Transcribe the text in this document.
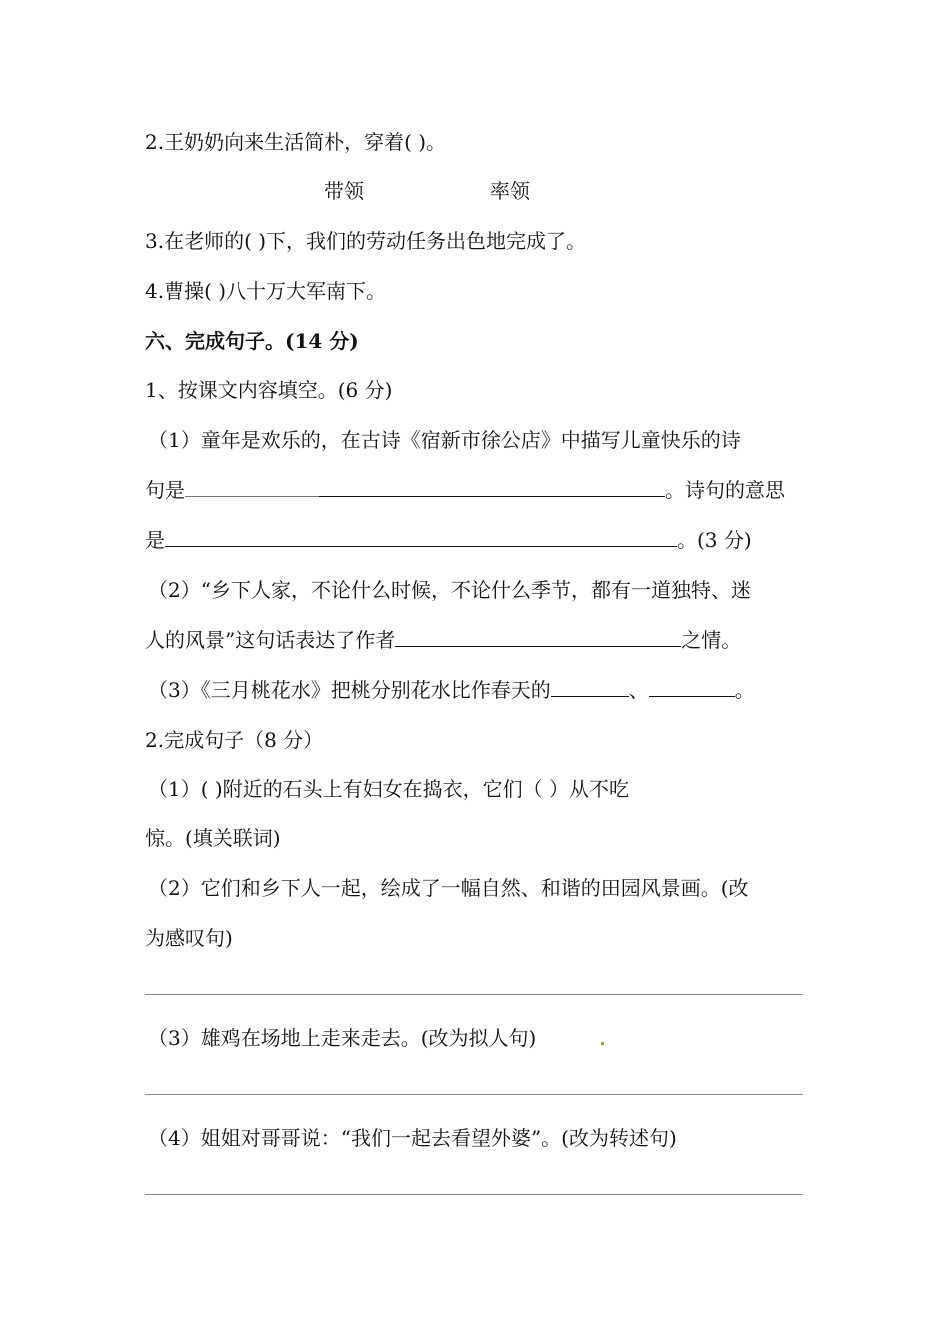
2.王奶奶向来生活简朴，穿着( )。
带领	率领
3.在老师的( )下，我们的劳动任务出色地完成了。
4.曹操( )八十万大军南下。
六、完成句子。(14 分)
1、按课文内容填空。(6 分)
（1）童年是欢乐的，在古诗《宿新市徐公店》中描写儿童快乐的诗
句是	。诗句的意思
是	。(3 分)
（2）“乡下人家，不论什么时候，不论什么季节，都有一道独特、迷
人的风景”这句话表达了作者	之情。
（3）《三月桃花水》把桃分别花水比作春天的	、	。
2.完成句子（8 分）
（1）( )附近的石头上有妇女在捣衣，它们（ ）从不吃
惊。(填关联词)
（2）它们和乡下人一起，绘成了一幅自然、和谐的田园风景画。(改
为感叹句)
（3）雄鸡在场地上走来走去。(改为拟人句)
（4）姐姐对哥哥说：“我们一起去看望外婆”。(改为转述句)
